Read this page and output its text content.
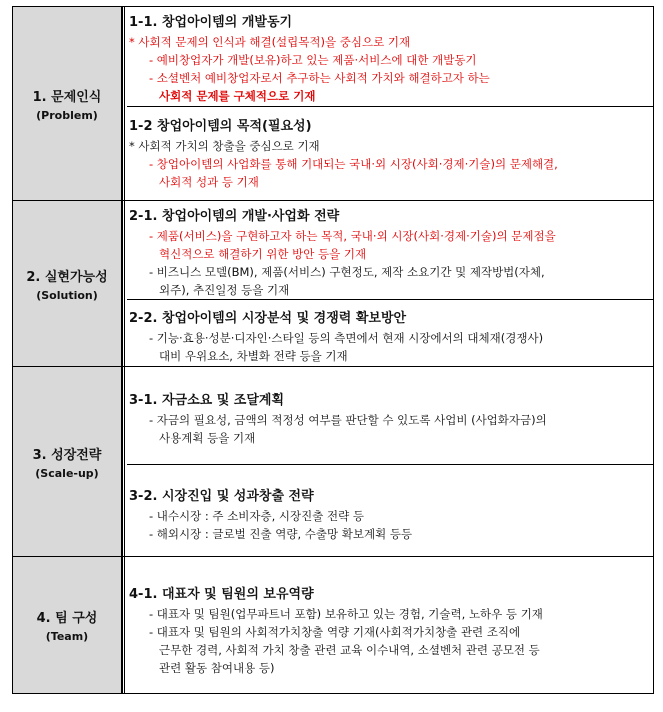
1. 문제인식
(Problem)
1-1. 창업아이템의 개발동기
* 사회적 문제의 인식과 해결(설립목적)을 중심으로 기재
- 예비창업자가 개발(보유)하고 있는 제품·서비스에 대한 개발동기
- 소셜벤처 예비창업자로서 추구하는 사회적 가치와 해결하고자 하는
사회적 문제를 구체적으로 기재
1-2 창업아이템의 목적(필요성)
* 사회적 가치의 창출을 중심으로 기재
- 창업아이템의 사업화를 통해 기대되는 국내·외 시장(사회·경제·기술)의 문제해결,
사회적 성과 등 기재
2. 실현가능성
(Solution)
2-1. 창업아이템의 개발·사업화 전략
- 제품(서비스)을 구현하고자 하는 목적, 국내·외 시장(사회·경제·기술)의 문제점을
혁신적으로 해결하기 위한 방안 등을 기재
- 비즈니스 모델(BM), 제품(서비스) 구현정도, 제작 소요기간 및 제작방법(자체,
외주), 추진일정 등을 기재
2-2. 창업아이템의 시장분석 및 경쟁력 확보방안
- 기능·효용·성분·디자인·스타일 등의 측면에서 현재 시장에서의 대체재(경쟁사)
대비 우위요소, 차별화 전략 등을 기재
3. 성장전략
(Scale-up)
3-1. 자금소요 및 조달계획
- 자금의 필요성, 금액의 적정성 여부를 판단할 수 있도록 사업비 (사업화자금)의
사용계획 등을 기재
3-2. 시장진입 및 성과창출 전략
- 내수시장 : 주 소비자층, 시장진출 전략 등
- 해외시장 : 글로벌 진출 역량, 수출망 확보계획 등등
4. 팀 구성
(Team)
4-1. 대표자 및 팀원의 보유역량
- 대표자 및 팀원(업무파트너 포함) 보유하고 있는 경험, 기술력, 노하우 등 기재
- 대표자 및 팀원의 사회적가치창출 역량 기재(사회적가치창출 관련 조직에
근무한 경력, 사회적 가치 창출 관련 교육 이수내역, 소셜벤처 관련 공모전 등
관련 활동 참여내용 등)
